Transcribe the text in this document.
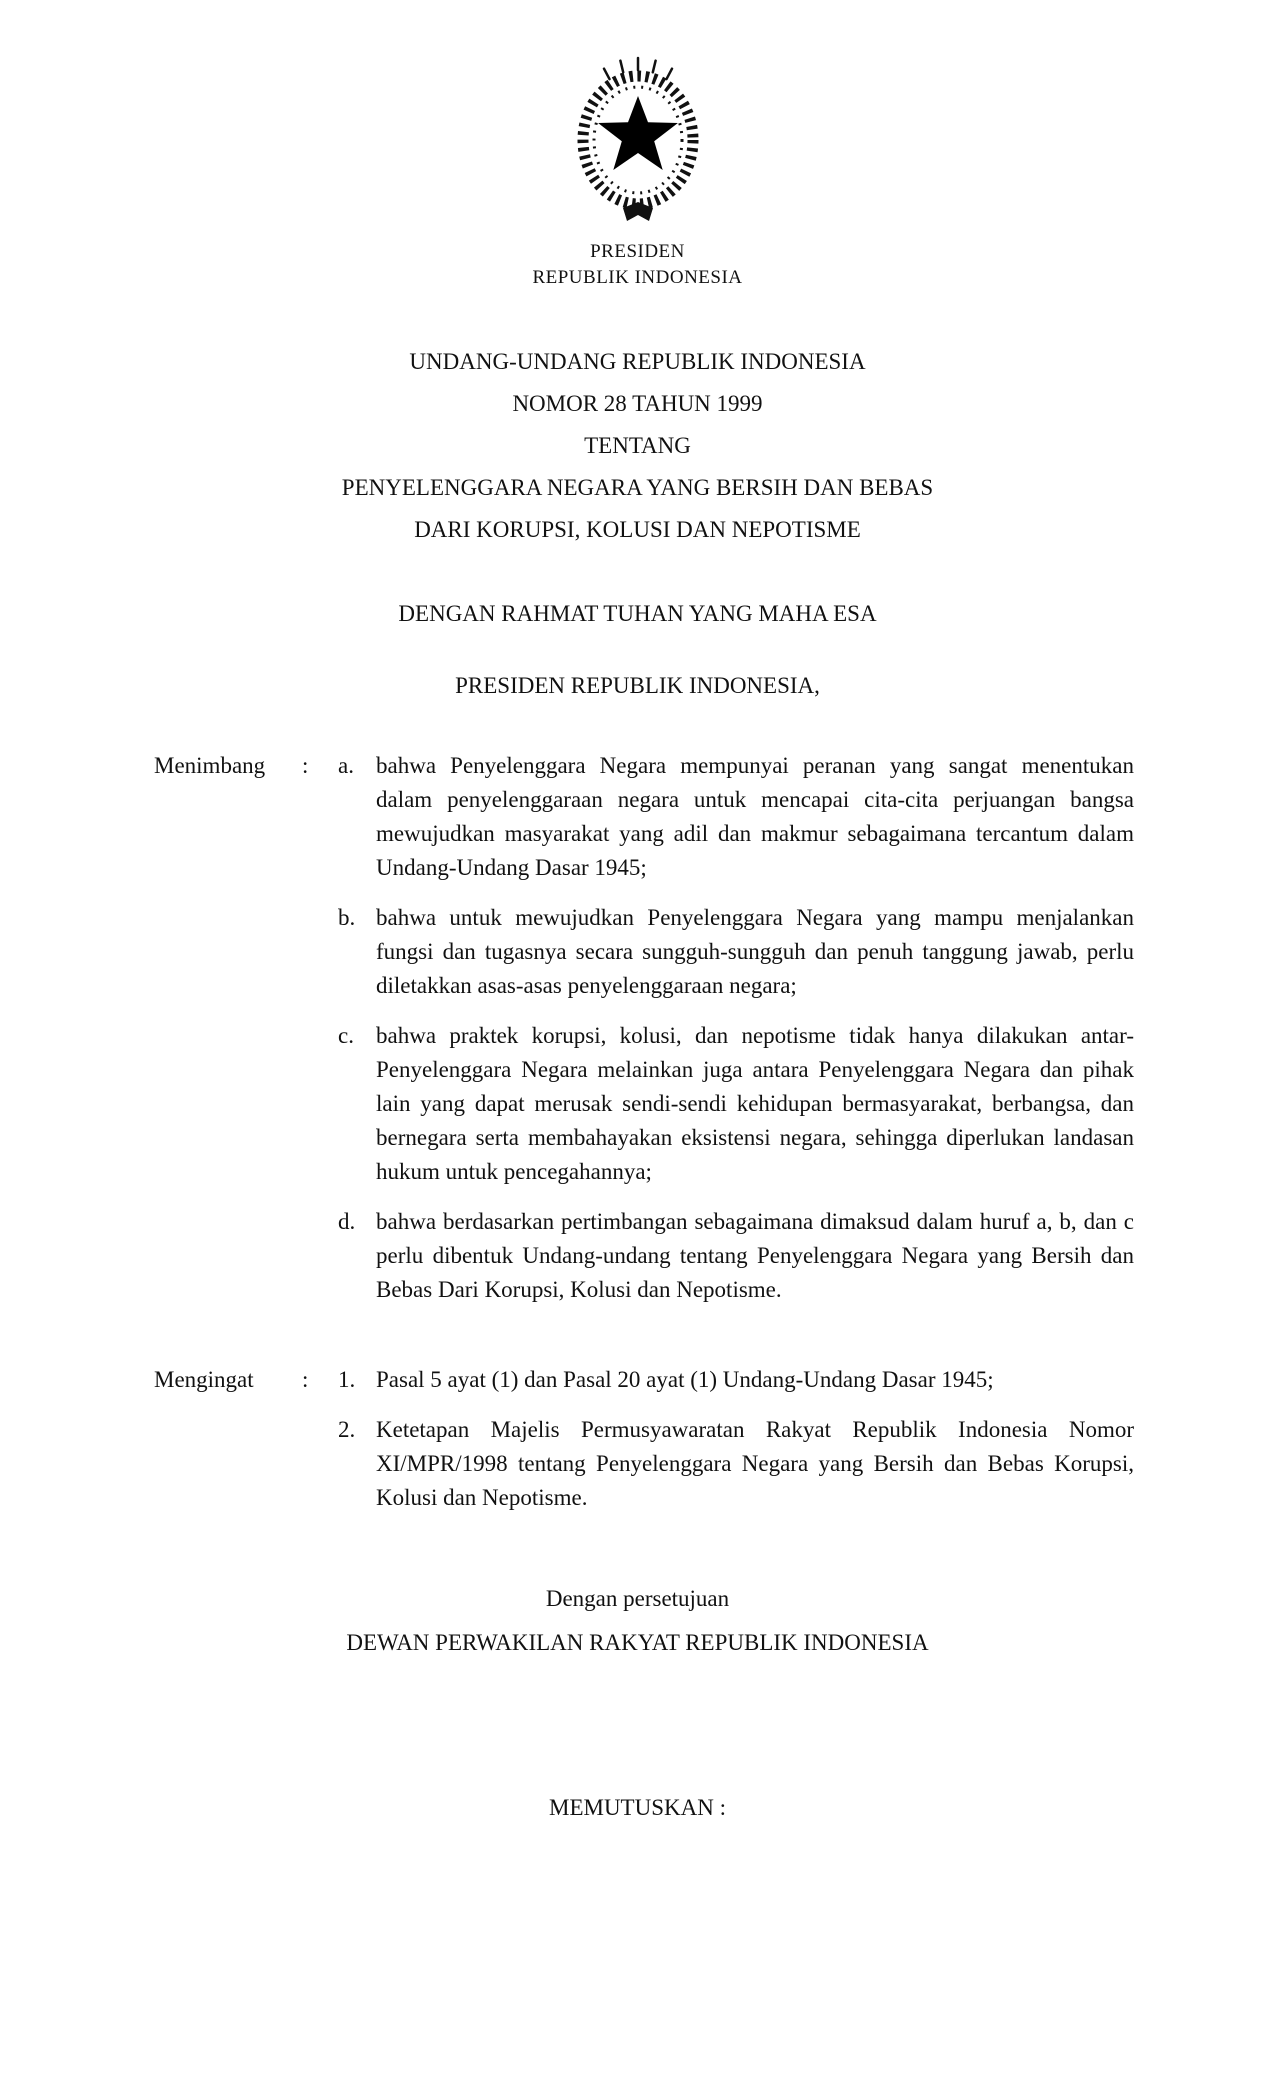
PRESIDEN
REPUBLIK INDONESIA
UNDANG-UNDANG REPUBLIK INDONESIA
NOMOR 28 TAHUN 1999
TENTANG
PENYELENGGARA NEGARA YANG BERSIH DAN BEBAS
DARI KORUPSI, KOLUSI DAN NEPOTISME
DENGAN RAHMAT TUHAN YANG MAHA ESA
PRESIDEN REPUBLIK INDONESIA,
Menimbang	:	a. bahwa Penyelenggara Negara mempunyai peranan yang sangat menentukan dalam penyelenggaraan negara untuk mencapai cita-cita perjuangan bangsa mewujudkan masyarakat yang adil dan makmur sebagaimana tercantum dalam Undang-Undang Dasar 1945;
b. bahwa untuk mewujudkan Penyelenggara Negara yang mampu menjalankan fungsi dan tugasnya secara sungguh-sungguh dan penuh tanggung jawab, perlu diletakkan asas-asas penyelenggaraan negara;
c. bahwa praktek korupsi, kolusi, dan nepotisme tidak hanya dilakukan antar-Penyelenggara Negara melainkan juga antara Penyelenggara Negara dan pihak lain yang dapat merusak sendi-sendi kehidupan bermasyarakat, berbangsa, dan bernegara serta membahayakan eksistensi negara, sehingga diperlukan landasan hukum untuk pencegahannya;
d. bahwa berdasarkan pertimbangan sebagaimana dimaksud dalam huruf a, b, dan c perlu dibentuk Undang-undang tentang Penyelenggara Negara yang Bersih dan Bebas Dari Korupsi, Kolusi dan Nepotisme.
Mengingat	:	1. Pasal 5 ayat (1) dan Pasal 20 ayat (1) Undang-Undang Dasar 1945;
2. Ketetapan Majelis Permusyawaratan Rakyat Republik Indonesia Nomor XI/MPR/1998 tentang Penyelenggara Negara yang Bersih dan Bebas Korupsi, Kolusi dan Nepotisme.
Dengan persetujuan
DEWAN PERWAKILAN RAKYAT REPUBLIK INDONESIA
MEMUTUSKAN :
